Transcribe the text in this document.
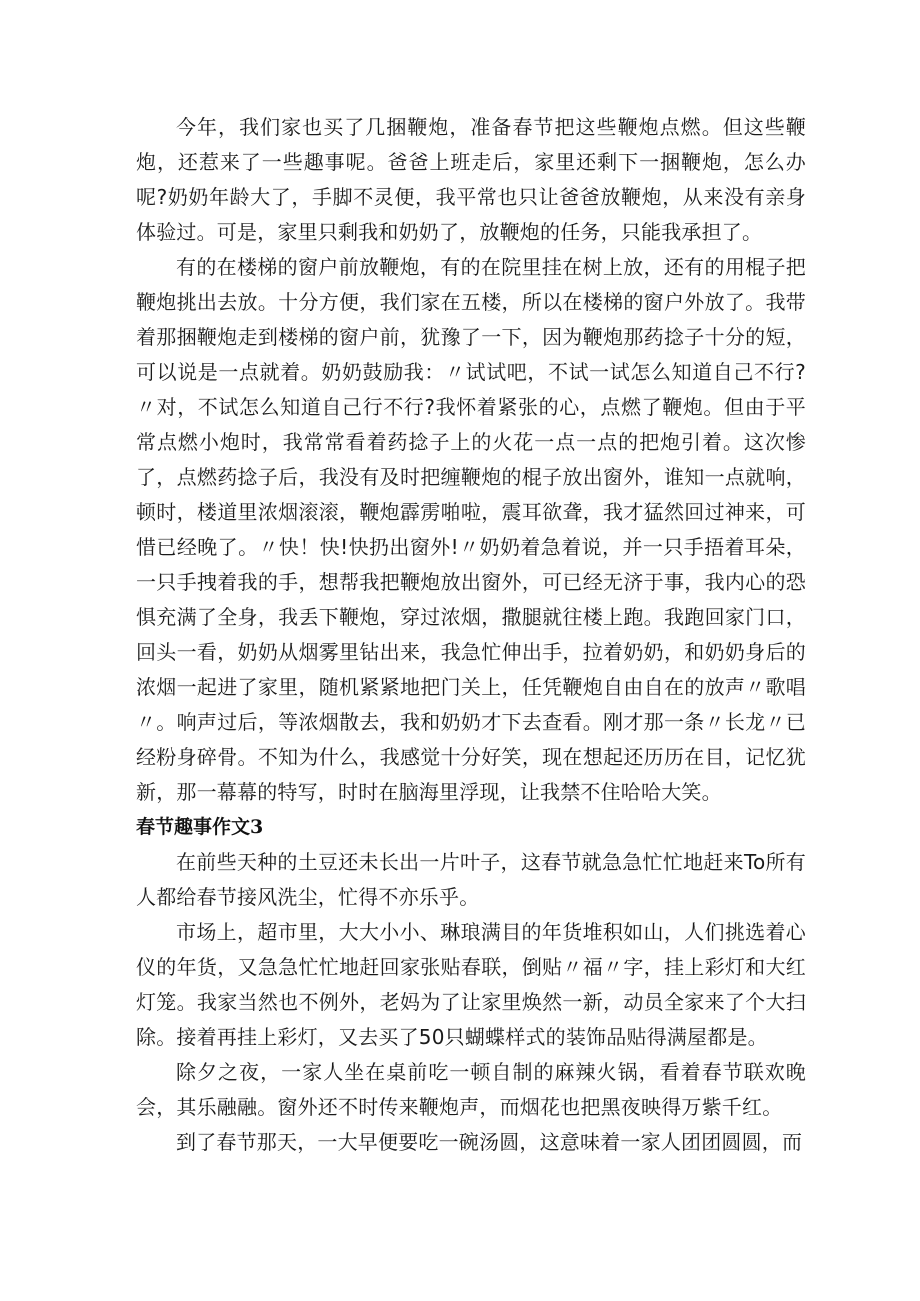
今年，我们家也买了几捆鞭炮，准备春节把这些鞭炮点燃。但这些鞭炮，还惹来了一些趣事呢。爸爸上班走后，家里还剩下一捆鞭炮，怎么办呢?奶奶年龄大了，手脚不灵便，我平常也只让爸爸放鞭炮，从来没有亲身体验过。可是，家里只剩我和奶奶了，放鞭炮的任务，只能我承担了。

有的在楼梯的窗户前放鞭炮，有的在院里挂在树上放，还有的用棍子把鞭炮挑出去放。十分方便，我们家在五楼，所以在楼梯的窗户外放了。我带着那捆鞭炮走到楼梯的窗户前，犹豫了一下，因为鞭炮那药捻子十分的短，可以说是一点就着。奶奶鼓励我：〃试试吧，不试一试怎么知道自己不行?〃对，不试怎么知道自己行不行?我怀着紧张的心，点燃了鞭炮。但由于平常点燃小炮时，我常常看着药捻子上的火花一点一点的把炮引着。这次惨了，点燃药捻子后，我没有及时把缠鞭炮的棍子放出窗外，谁知一点就响，顿时，楼道里浓烟滚滚，鞭炮霹雳啪啦，震耳欲聋，我才猛然回过神来，可惜已经晚了。〃快！快!快扔出窗外!〃奶奶着急着说，并一只手捂着耳朵，一只手拽着我的手，想帮我把鞭炮放出窗外，可已经无济于事，我内心的恐惧充满了全身，我丢下鞭炮，穿过浓烟，撒腿就往楼上跑。我跑回家门口，回头一看，奶奶从烟雾里钻出来，我急忙伸出手，拉着奶奶，和奶奶身后的浓烟一起进了家里，随机紧紧地把门关上，任凭鞭炮自由自在的放声〃歌唱〃。响声过后，等浓烟散去，我和奶奶才下去查看。刚才那一条〃长龙〃已经粉身碎骨。不知为什么，我感觉十分好笑，现在想起还历历在目，记忆犹新，那一幕幕的特写，时时在脑海里浮现，让我禁不住哈哈大笑。

春节趣事作文3

在前些天种的土豆还未长出一片叶子，这春节就急急忙忙地赶来To所有人都给春节接风洗尘，忙得不亦乐乎。

市场上，超市里，大大小小、琳琅满目的年货堆积如山，人们挑选着心仪的年货，又急急忙忙地赶回家张贴春联，倒贴〃福〃字，挂上彩灯和大红灯笼。我家当然也不例外，老妈为了让家里焕然一新，动员全家来了个大扫除。接着再挂上彩灯，又去买了50只蝴蝶样式的装饰品贴得满屋都是。

除夕之夜，一家人坐在桌前吃一顿自制的麻辣火锅，看着春节联欢晚会，其乐融融。窗外还不时传来鞭炮声，而烟花也把黑夜映得万紫千红。

到了春节那天，一大早便要吃一碗汤圆，这意味着一家人团团圆圆，而
